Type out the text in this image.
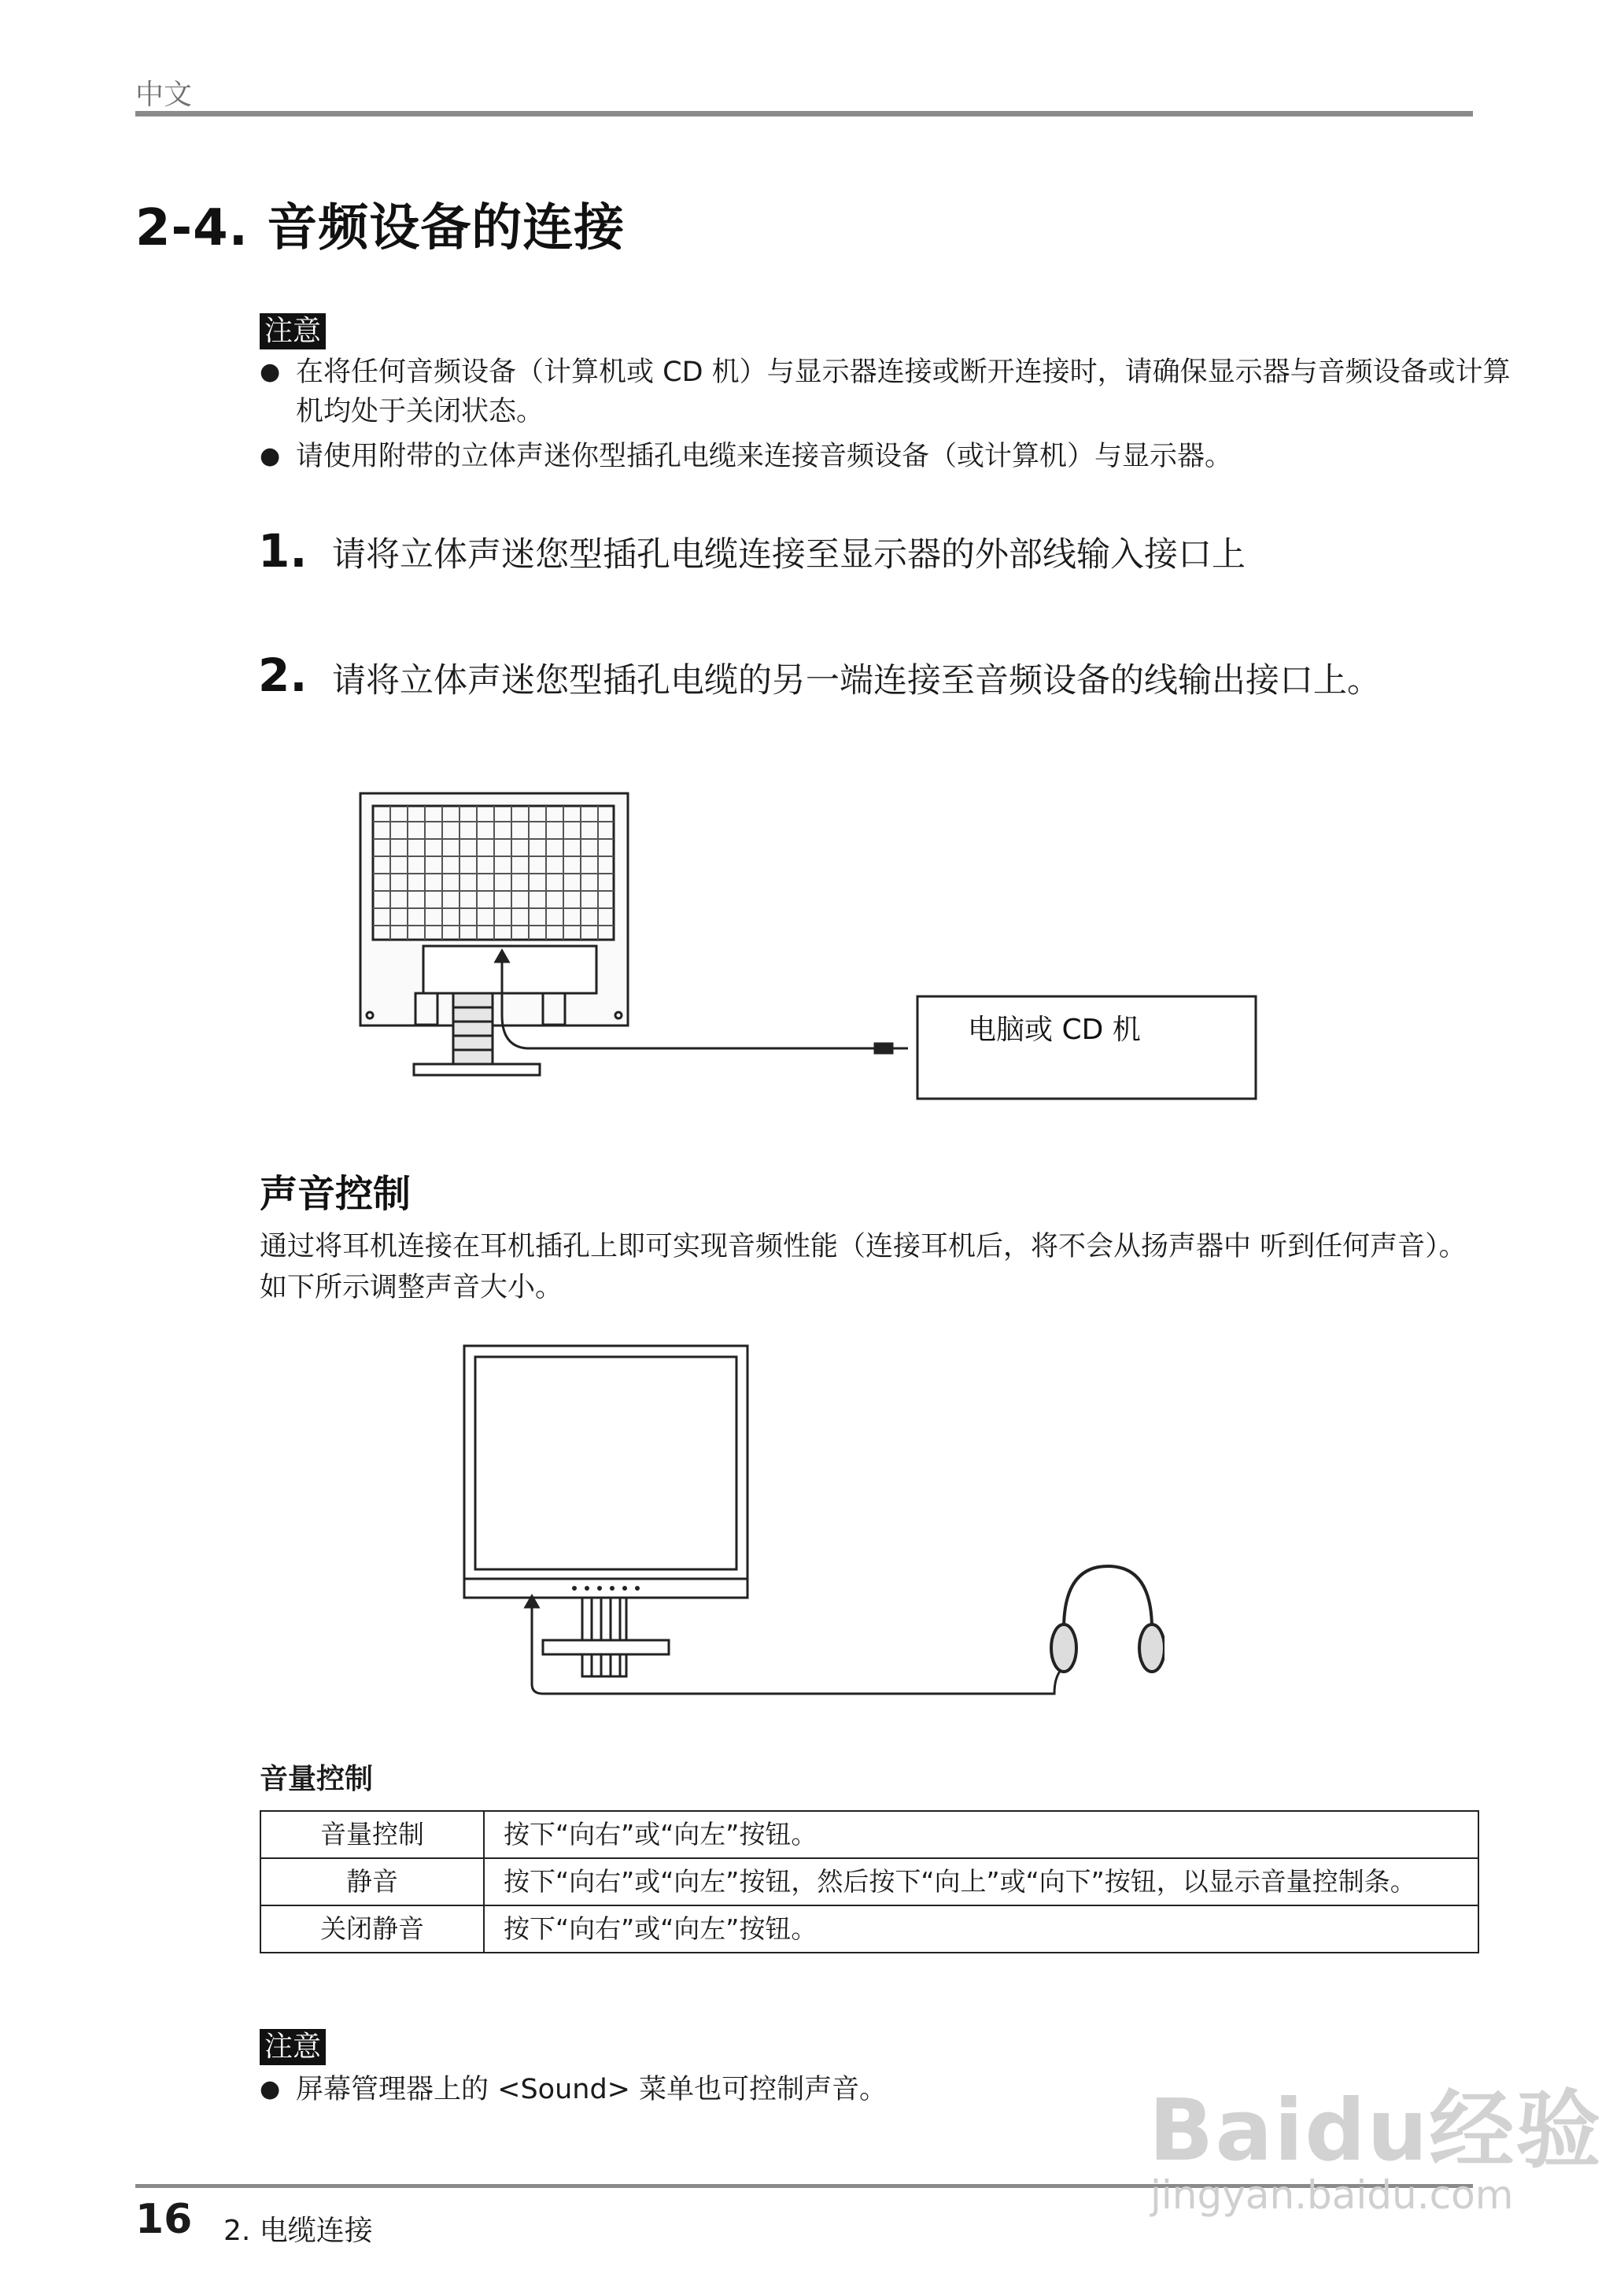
中文
2-4. 音频设备的连接
注意
● 在将任何音频设备（计算机或 CD 机）与显示器连接或断开连接时，请确保显示器与音频设备或计算机均处于关闭状态。
● 请使用附带的立体声迷你型插孔电缆来连接音频设备（或计算机）与显示器。
1. 请将立体声迷您型插孔电缆连接至显示器的外部线输入接口上
2. 请将立体声迷您型插孔电缆的另一端连接至音频设备的线输出接口上。
电脑或 CD 机
声音控制
通过将耳机连接在耳机插孔上即可实现音频性能（连接耳机后，将不会从扬声器中 听到任何声音）。如下所示调整声音大小。
音量控制
音量控制	按下“向右”或“向左”按钮。
静音	按下“向右”或“向左”按钮，然后按下“向上”或“向下”按钮，以显示音量控制条。
关闭静音	按下“向右”或“向左”按钮。
注意
● 屏幕管理器上的 <Sound> 菜单也可控制声音。
16 2. 电缆连接
Baidu经验
jingyan.baidu.com
